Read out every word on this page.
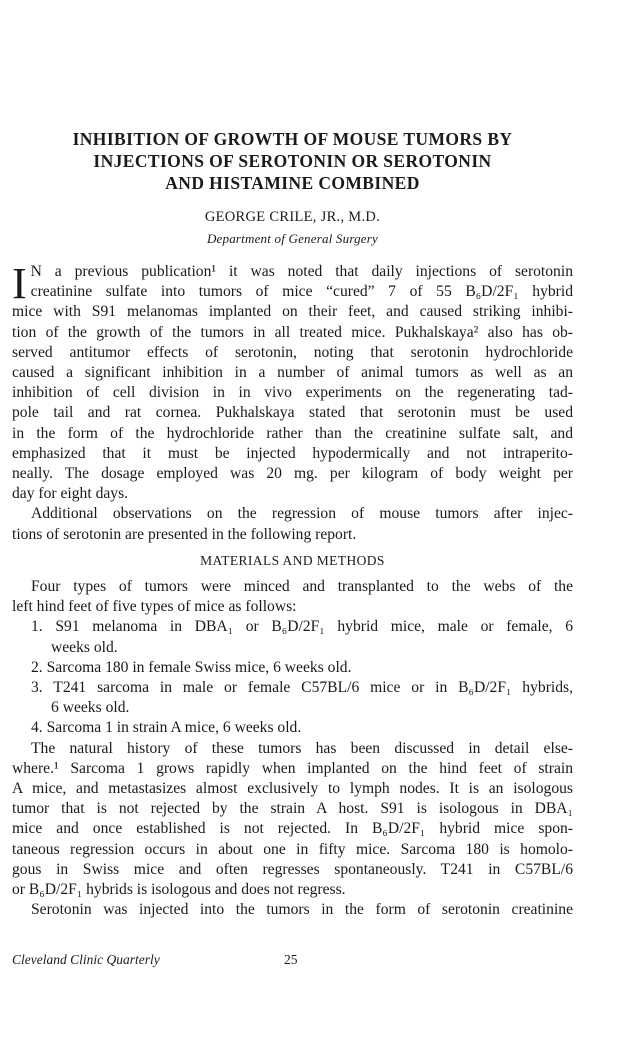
INHIBITION OF GROWTH OF MOUSE TUMORS BY
INJECTIONS OF SEROTONIN OR SEROTONIN
AND HISTAMINE COMBINED
GEORGE CRILE, JR., M.D.
Department of General Surgery

I N a previous publication¹ it was noted that daily injections of serotonin
creatinine sulfate into tumors of mice “cured” 7 of 55 B₆D/2F₁ hybrid
mice with S91 melanomas implanted on their feet, and caused striking inhibi-
tion of the growth of the tumors in all treated mice. Pukhalskaya² also has ob-
served antitumor effects of serotonin, noting that serotonin hydrochloride
caused a significant inhibition in a number of animal tumors as well as an
inhibition of cell division in in vivo experiments on the regenerating tad-
pole tail and rat cornea. Pukhalskaya stated that serotonin must be used
in the form of the hydrochloride rather than the creatinine sulfate salt, and
emphasized that it must be injected hypodermically and not intraperito-
neally. The dosage employed was 20 mg. per kilogram of body weight per
day for eight days.

Additional observations on the regression of mouse tumors after injec-
tions of serotonin are presented in the following report.

MATERIALS AND METHODS

Four types of tumors were minced and transplanted to the webs of the
left hind feet of five types of mice as follows:

1. S91 melanoma in DBA₁ or B₆D/2F₁ hybrid mice, male or female, 6
weeks old.
2. Sarcoma 180 in female Swiss mice, 6 weeks old.
3. T241 sarcoma in male or female C57BL/6 mice or in B₆D/2F₁ hybrids,
6 weeks old.
4. Sarcoma 1 in strain A mice, 6 weeks old.

The natural history of these tumors has been discussed in detail else-
where.¹ Sarcoma 1 grows rapidly when implanted on the hind feet of strain
A mice, and metastasizes almost exclusively to lymph nodes. It is an isologous
tumor that is not rejected by the strain A host. S91 is isologous in DBA₁
mice and once established is not rejected. In B₆D/2F₁ hybrid mice spon-
taneous regression occurs in about one in fifty mice. Sarcoma 180 is homolo-
gous in Swiss mice and often regresses spontaneously. T241 in C57BL/6
or B₆D/2F₁ hybrids is isologous and does not regress.

Serotonin was injected into the tumors in the form of serotonin creatinine

Cleveland Clinic Quarterly	25
